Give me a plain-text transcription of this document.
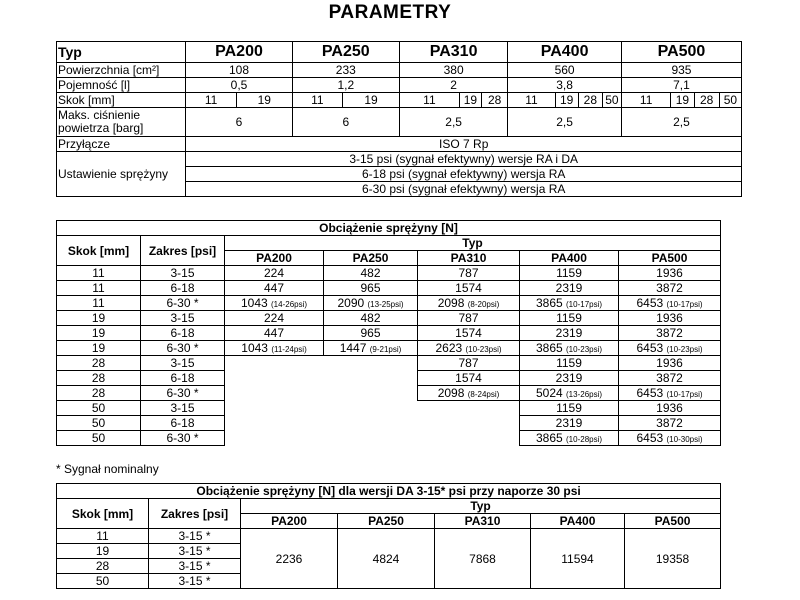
PARAMETRY
Typ	PA200		PA250		PA310			PA400				PA500			
Powierzchnia [cm²]	108		233		380			560				935			
Pojemność [l]	0,5		1,2		2			3,8				7,1			
Skok [mm]	11	19	11	19	11	19	28	11	19	28	50	11	19	28	50
Maks. ciśnienie powietrza [barg]	6		6		2,5			2,5				2,5			
Przyłącze	ISO 7 Rp														
Ustawienie sprężyny	3-15 psi (sygnał efektywny) wersje RA i DA														
	6-18 psi (sygnał efektywny) wersja RA														
	6-30 psi (sygnał efektywny) wersja RA														
Obciążenie sprężyny [N]						
Skok [mm]	Zakres [psi]	Typ				
		PA200	PA250	PA310	PA400	PA500
11	3-15	224	482	787	1159	1936
11	6-18	447	965	1574	2319	3872
11	6-30 *	1043 (14-26psi)	2090 (13-25psi)	2098 (8-20psi)	3865 (10-17psi)	6453 (10-17psi)
19	3-15	224	482	787	1159	1936
19	6-18	447	965	1574	2319	3872
19	6-30 *	1043 (11-24psi)	1447 (9-21psi)	2623 (10-23psi)	3865 (10-23psi)	6453 (10-23psi)
28	3-15			787	1159	1936
28	6-18			1574	2319	3872
28	6-30 *			2098 (8-24psi)	5024 (13-26psi)	6453 (10-17psi)
50	3-15				1159	1936
50	6-18				2319	3872
50	6-30 *				3865 (10-28psi)	6453 (10-30psi)
* Sygnał nominalny
Obciążenie sprężyny [N] dla wersji DA 3-15* psi przy naporze 30 psi						
Skok [mm]	Zakres [psi]	Typ				
		PA200	PA250	PA310	PA400	PA500
11	3-15 *	2236	4824	7868	11594	19358
19	3-15 *					
28	3-15 *					
50	3-15 *					
